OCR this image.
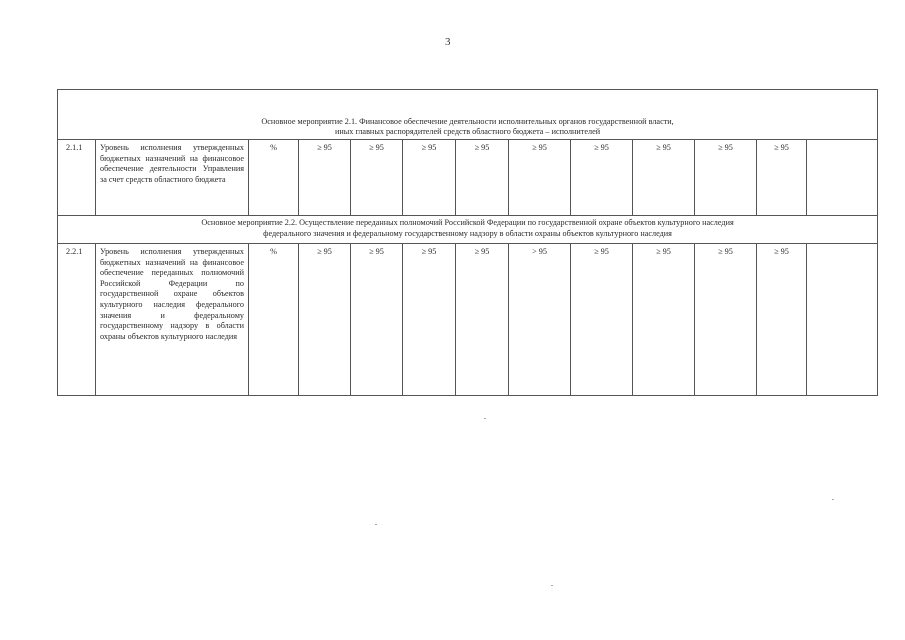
3
Основное мероприятие 2.1. Финансовое обеспечение деятельности исполнительных органов государственной власти,
иных главных распорядителей средств областного бюджета – исполнителей												

2.1.1	Уровень исполнения утвержденных бюджетных назначений на финансовое обеспечение деятельности Управления за счет средств областного бюджета	%	≥ 95	≥ 95	≥ 95	≥ 95	≥ 95	≥ 95	≥ 95	≥ 95	≥ 95	

Основное мероприятие 2.2. Осуществление переданных полномочий Российской Федерации по государственной охране объектов культурного наследия
федерального значения и федеральному государственному надзору в области охраны объектов культурного наследия												

2.2.1	Уровень исполнения утвержденных бюджетных назначений на финансовое обеспечение переданных полномочий Российской Федерации по государственной охране объектов культурного наследия федерального значения и федеральному государственному надзору в области охраны объектов культурного наследия	%	≥ 95	≥ 95	≥ 95	≥ 95	> 95	≥ 95	≥ 95	≥ 95	≥ 95	
